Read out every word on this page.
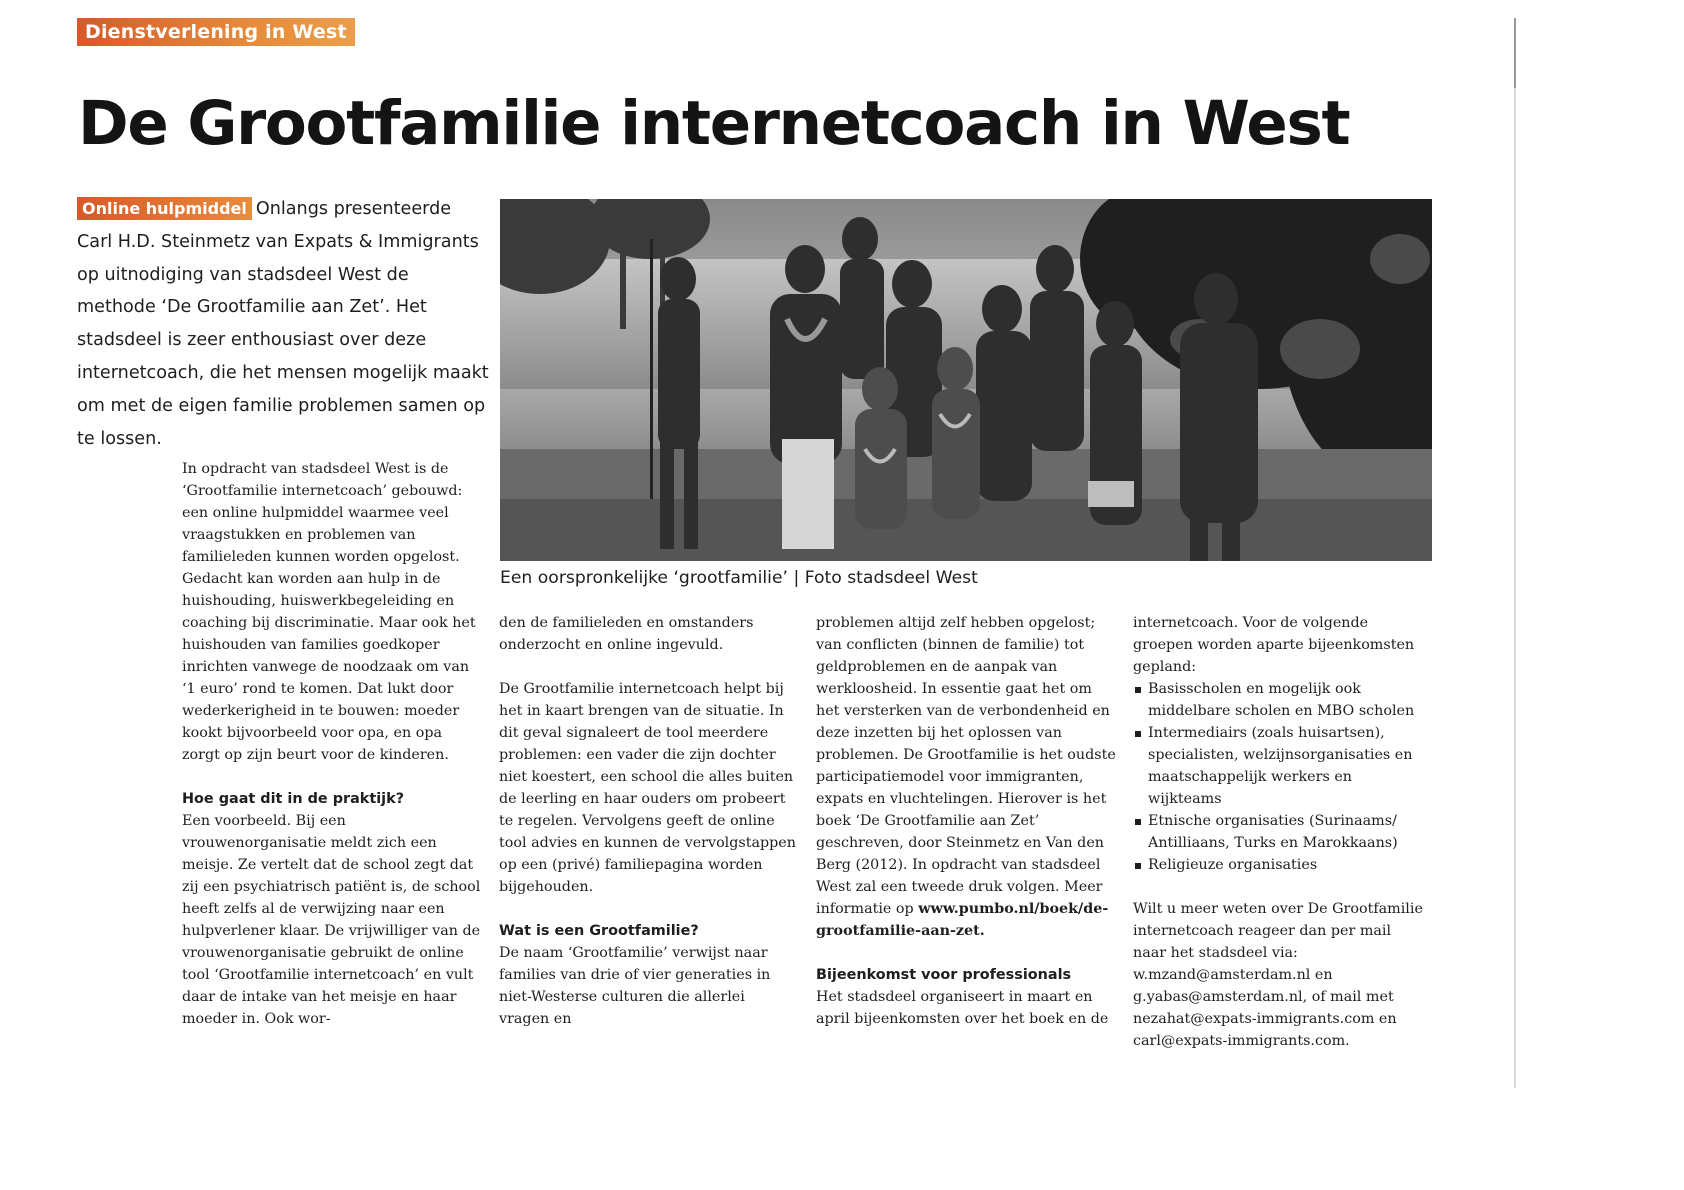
Dienstverlening in West
De Grootfamilie internetcoach in West

Online hulpmiddel Onlangs presenteerde Carl H.D. Steinmetz van Expats & Immigrants op uitnodiging van stadsdeel West de methode ‘De Grootfamilie aan Zet’. Het stadsdeel is zeer enthousiast over deze internetcoach, die het mensen mogelijk maakt om met de eigen familie problemen samen op te lossen.

Een oorspronkelijke ‘grootfamilie’ | Foto stadsdeel West

In opdracht van stadsdeel West is de ‘Grootfamilie internetcoach’ gebouwd: een online hulpmiddel waarmee veel vraagstukken en problemen van familieleden kunnen worden opgelost. Gedacht kan worden aan hulp in de huishouding, huiswerkbegeleiding en coaching bij discriminatie. Maar ook het huishouden van families goedkoper inrichten vanwege de noodzaak om van ‘1 euro’ rond te komen. Dat lukt door wederkerigheid in te bouwen: moeder kookt bijvoorbeeld voor opa, en opa zorgt op zijn beurt voor de kinderen.

Hoe gaat dit in de praktijk?

Een voorbeeld. Bij een vrouwenorganisatie meldt zich een meisje. Ze vertelt dat de school zegt dat zij een psychiatrisch patiënt is, de school heeft zelfs al de verwijzing naar een hulpverlener klaar. De vrijwilliger van de vrouwenorganisatie gebruikt de online tool ‘Grootfamilie internetcoach’ en vult daar de intake van het meisje en haar moeder in. Ook wor-

den de familieleden en omstanders onderzocht en online ingevuld.

De Grootfamilie internetcoach helpt bij het in kaart brengen van de situatie. In dit geval signaleert de tool meerdere problemen: een vader die zijn dochter niet koestert, een school die alles buiten de leerling en haar ouders om probeert te regelen. Vervolgens geeft de online tool advies en kunnen de vervolgstappen op een (privé) familiepagina worden bijgehouden.

Wat is een Grootfamilie?

De naam ‘Grootfamilie’ verwijst naar families van drie of vier generaties in niet-Westerse culturen die allerlei vragen en

problemen altijd zelf hebben opgelost; van conflicten (binnen de familie) tot geldproblemen en de aanpak van werkloosheid. In essentie gaat het om het versterken van de verbondenheid en deze inzetten bij het oplossen van problemen. De Grootfamilie is het oudste participatiemodel voor immigranten, expats en vluchtelingen. Hierover is het boek ‘De Grootfamilie aan Zet’ geschreven, door Steinmetz en Van den Berg (2012). In opdracht van stadsdeel West zal een tweede druk volgen. Meer informatie op www.pumbo.nl/boek/de-grootfamilie-aan-zet.

Bijeenkomst voor professionals

Het stadsdeel organiseert in maart en april bijeenkomsten over het boek en de

internetcoach. Voor de volgende groepen worden aparte bijeenkomsten gepland:

Basisscholen en mogelijk ook middelbare scholen en MBO scholen
Intermediairs (zoals huisartsen), specialisten, welzijnsorganisaties en maatschappelijk werkers en wijkteams
Etnische organisaties (Surinaams/ Antilliaans, Turks en Marokkaans)
Religieuze organisaties

Wilt u meer weten over De Grootfamilie internetcoach reageer dan per mail naar het stadsdeel via: w.mzand@amsterdam.nl en g.yabas@amsterdam.nl, of mail met nezahat@expats-immigrants.com en carl@expats-immigrants.com.
